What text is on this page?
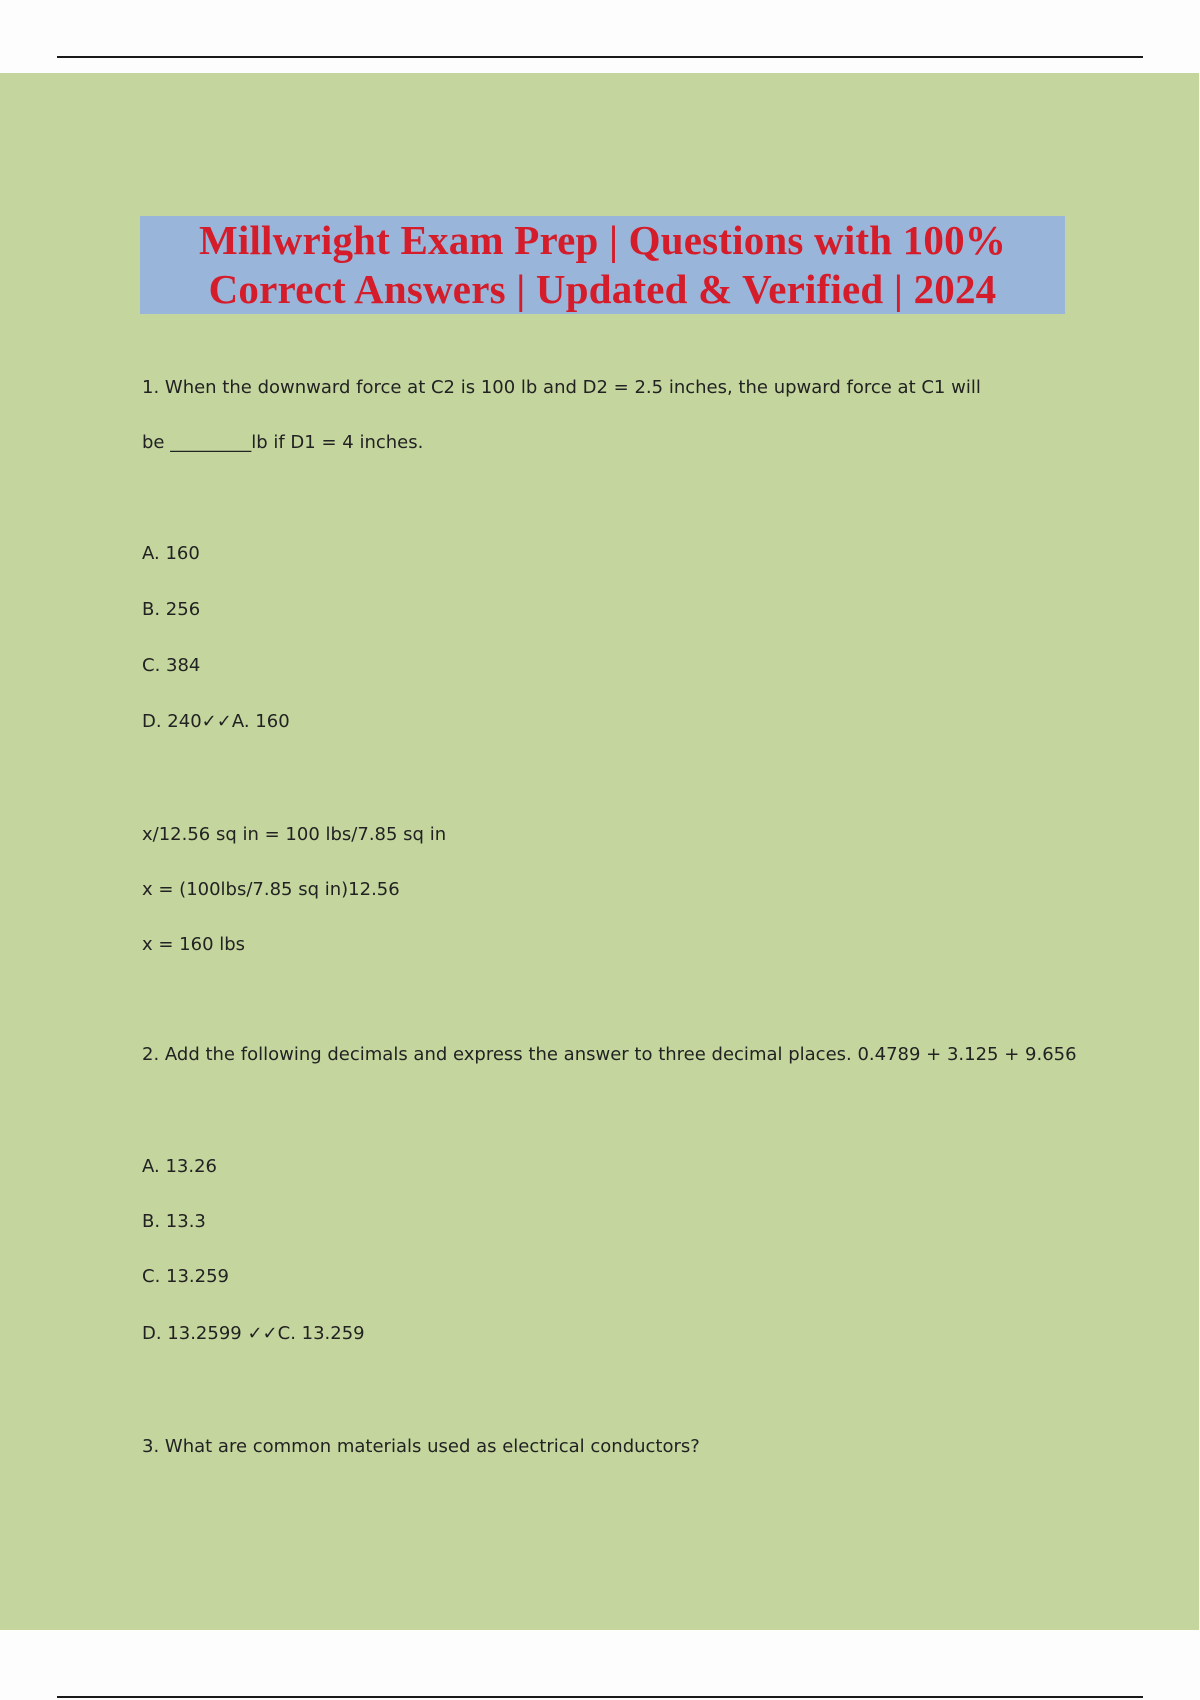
Millwright Exam Prep | Questions with 100%
Correct Answers | Updated & Verified | 2024
1. When the downward force at C2 is 100 lb and D2 = 2.5 inches, the upward force at C1 will
be _________lb if D1 = 4 inches.
A. 160
B. 256
C. 384
D. 240✓✓A. 160
x/12.56 sq in = 100 lbs/7.85 sq in
x = (100lbs/7.85 sq in)12.56
x = 160 lbs
2. Add the following decimals and express the answer to three decimal places. 0.4789 + 3.125 + 9.656
A. 13.26
B. 13.3
C. 13.259
D. 13.2599 ✓✓C. 13.259
3. What are common materials used as electrical conductors?
